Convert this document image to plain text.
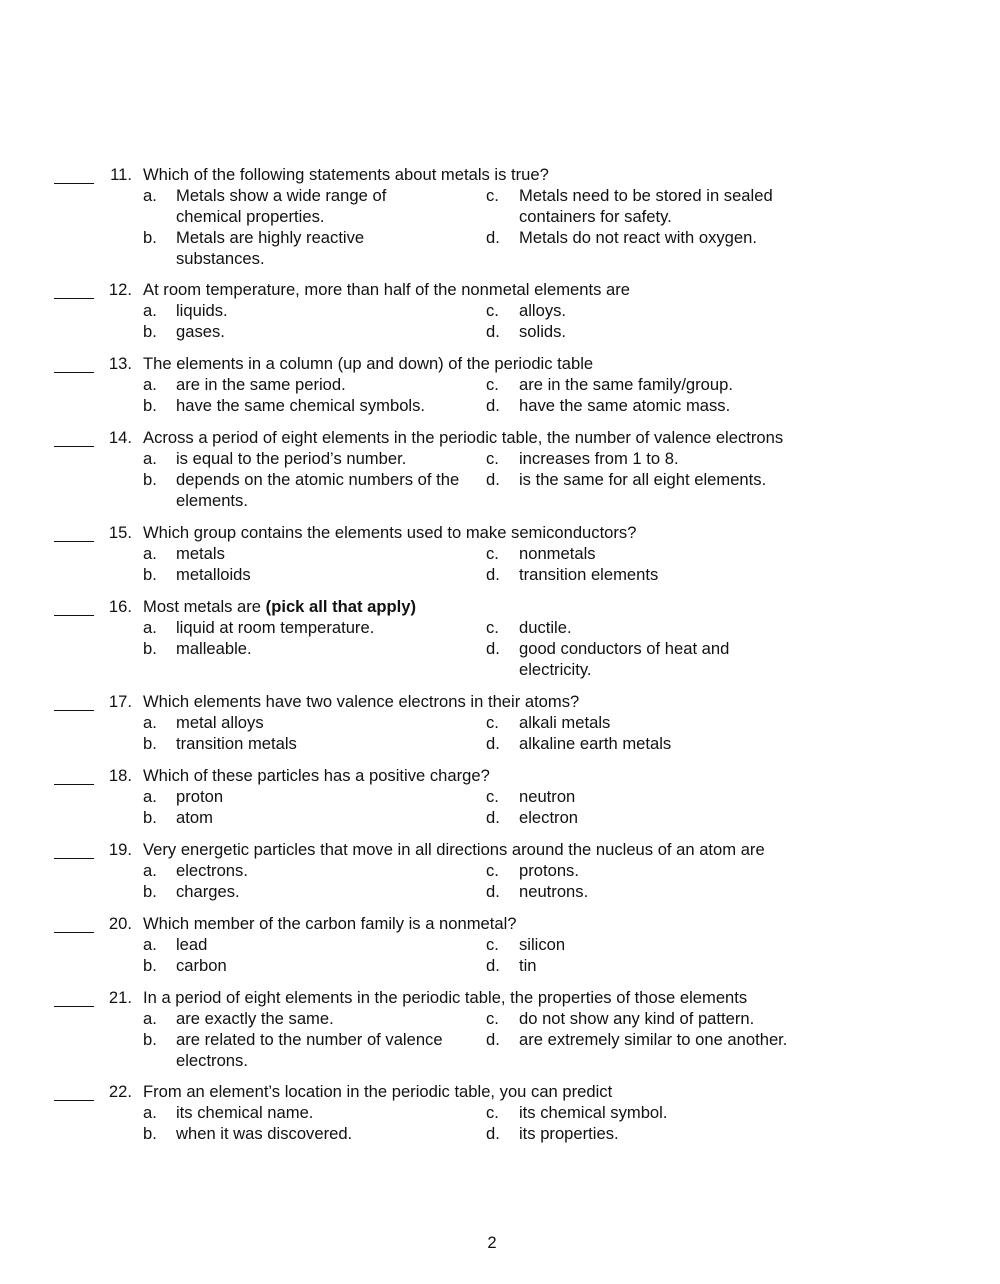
11. Which of the following statements about metals is true?
a. Metals show a wide range of chemical properties.
c. Metals need to be stored in sealed containers for safety.
b. Metals are highly reactive substances.
d. Metals do not react with oxygen.
12. At room temperature, more than half of the nonmetal elements are
a. liquids.	c. alloys.
b. gases.	d. solids.
13. The elements in a column (up and down) of the periodic table
a. are in the same period.	c. are in the same family/group.
b. have the same chemical symbols.	d. have the same atomic mass.
14. Across a period of eight elements in the periodic table, the number of valence electrons
a. is equal to the period’s number.	c. increases from 1 to 8.
b. depends on the atomic numbers of the elements.
d. is the same for all eight elements.
15. Which group contains the elements used to make semiconductors?
a. metals	c. nonmetals
b. metalloids	d. transition elements
16. Most metals are (pick all that apply)
a. liquid at room temperature.	c. ductile.
b. malleable.	d. good conductors of heat and electricity.
17. Which elements have two valence electrons in their atoms?
a. metal alloys	c. alkali metals
b. transition metals	d. alkaline earth metals
18. Which of these particles has a positive charge?
a. proton	c. neutron
b. atom	d. electron
19. Very energetic particles that move in all directions around the nucleus of an atom are
a. electrons.	c. protons.
b. charges.	d. neutrons.
20. Which member of the carbon family is a nonmetal?
a. lead	c. silicon
b. carbon	d. tin
21. In a period of eight elements in the periodic table, the properties of those elements
a. are exactly the same.	c. do not show any kind of pattern.
b. are related to the number of valence electrons.
d. are extremely similar to one another.
22. From an element’s location in the periodic table, you can predict
a. its chemical name.	c. its chemical symbol.
b. when it was discovered.	d. its properties.
2
